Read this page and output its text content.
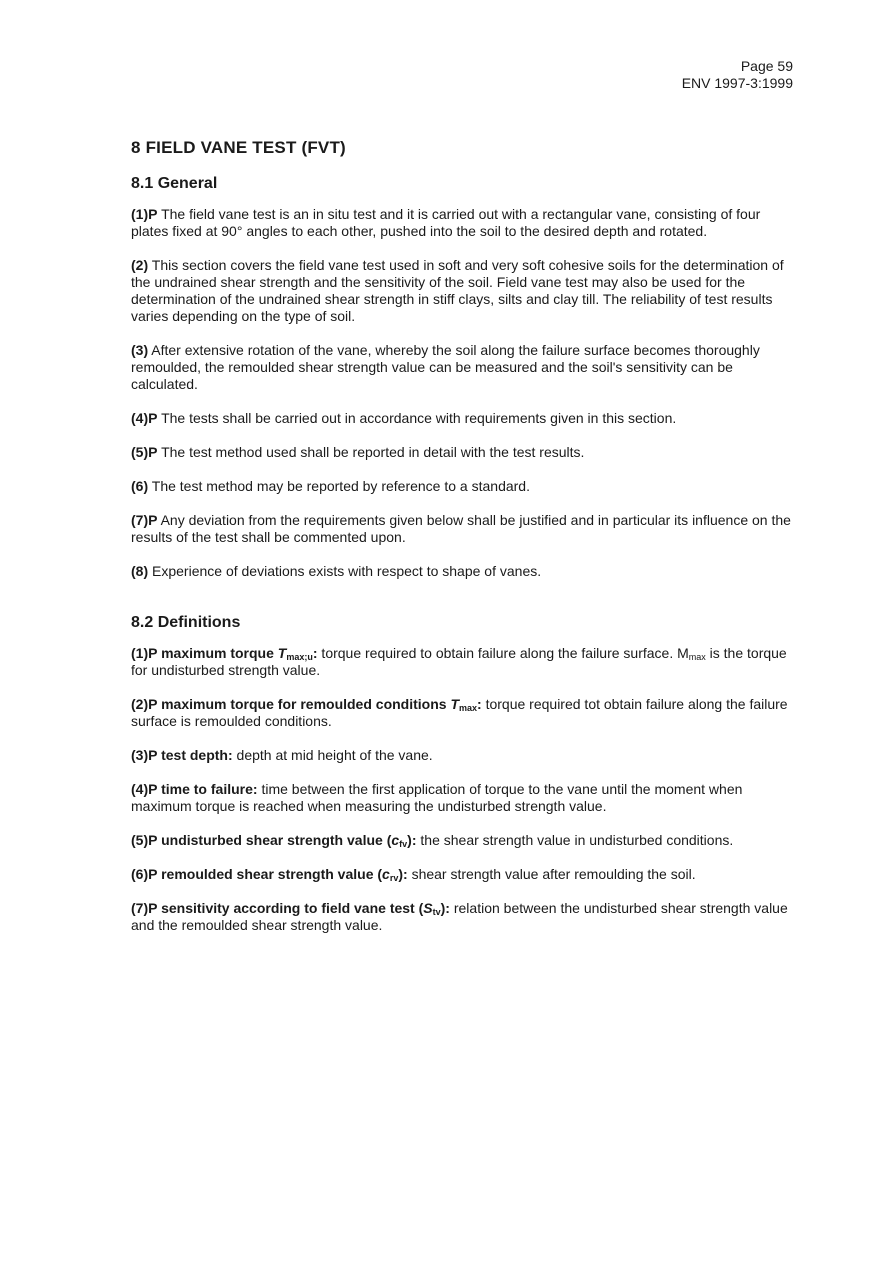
Page 59
ENV 1997-3:1999
8 FIELD VANE TEST (FVT)
8.1 General

(1)P The field vane test is an in situ test and it is carried out with a rectangular vane, consisting of four plates fixed at 90° angles to each other, pushed into the soil to the desired depth and rotated.

(2) This section covers the field vane test used in soft and very soft cohesive soils for the determination of the undrained shear strength and the sensitivity of the soil. Field vane test may also be used for the determination of the undrained shear strength in stiff clays, silts and clay till. The reliability of test results varies depending on the type of soil.

(3) After extensive rotation of the vane, whereby the soil along the failure surface becomes thoroughly remoulded, the remoulded shear strength value can be measured and the soil's sensitivity can be calculated.

(4)P The tests shall be carried out in accordance with requirements given in this section.

(5)P The test method used shall be reported in detail with the test results.

(6) The test method may be reported by reference to a standard.

(7)P Any deviation from the requirements given below shall be justified and in particular its influence on the results of the test shall be commented upon.

(8) Experience of deviations exists with respect to shape of vanes.

8.2 Definitions

(1)P maximum torque $T_{max;u}$: torque required to obtain failure along the failure surface. $M_{max}$ is the torque for undisturbed strength value.

(2)P maximum torque for remoulded conditions $T_{max}$: torque required tot obtain failure along the failure surface is remoulded conditions.

(3)P test depth: depth at mid height of the vane.

(4)P time to failure: time between the first application of torque to the vane until the moment when maximum torque is reached when measuring the undisturbed strength value.

(5)P undisturbed shear strength value $(c_{fv})$: the shear strength value in undisturbed conditions.

(6)P remoulded shear strength value $(c_{rv})$: shear strength value after remoulding the soil.

(7)P sensitivity according to field vane test $(S_{tv})$: relation between the undisturbed shear strength value and the remoulded shear strength value.
